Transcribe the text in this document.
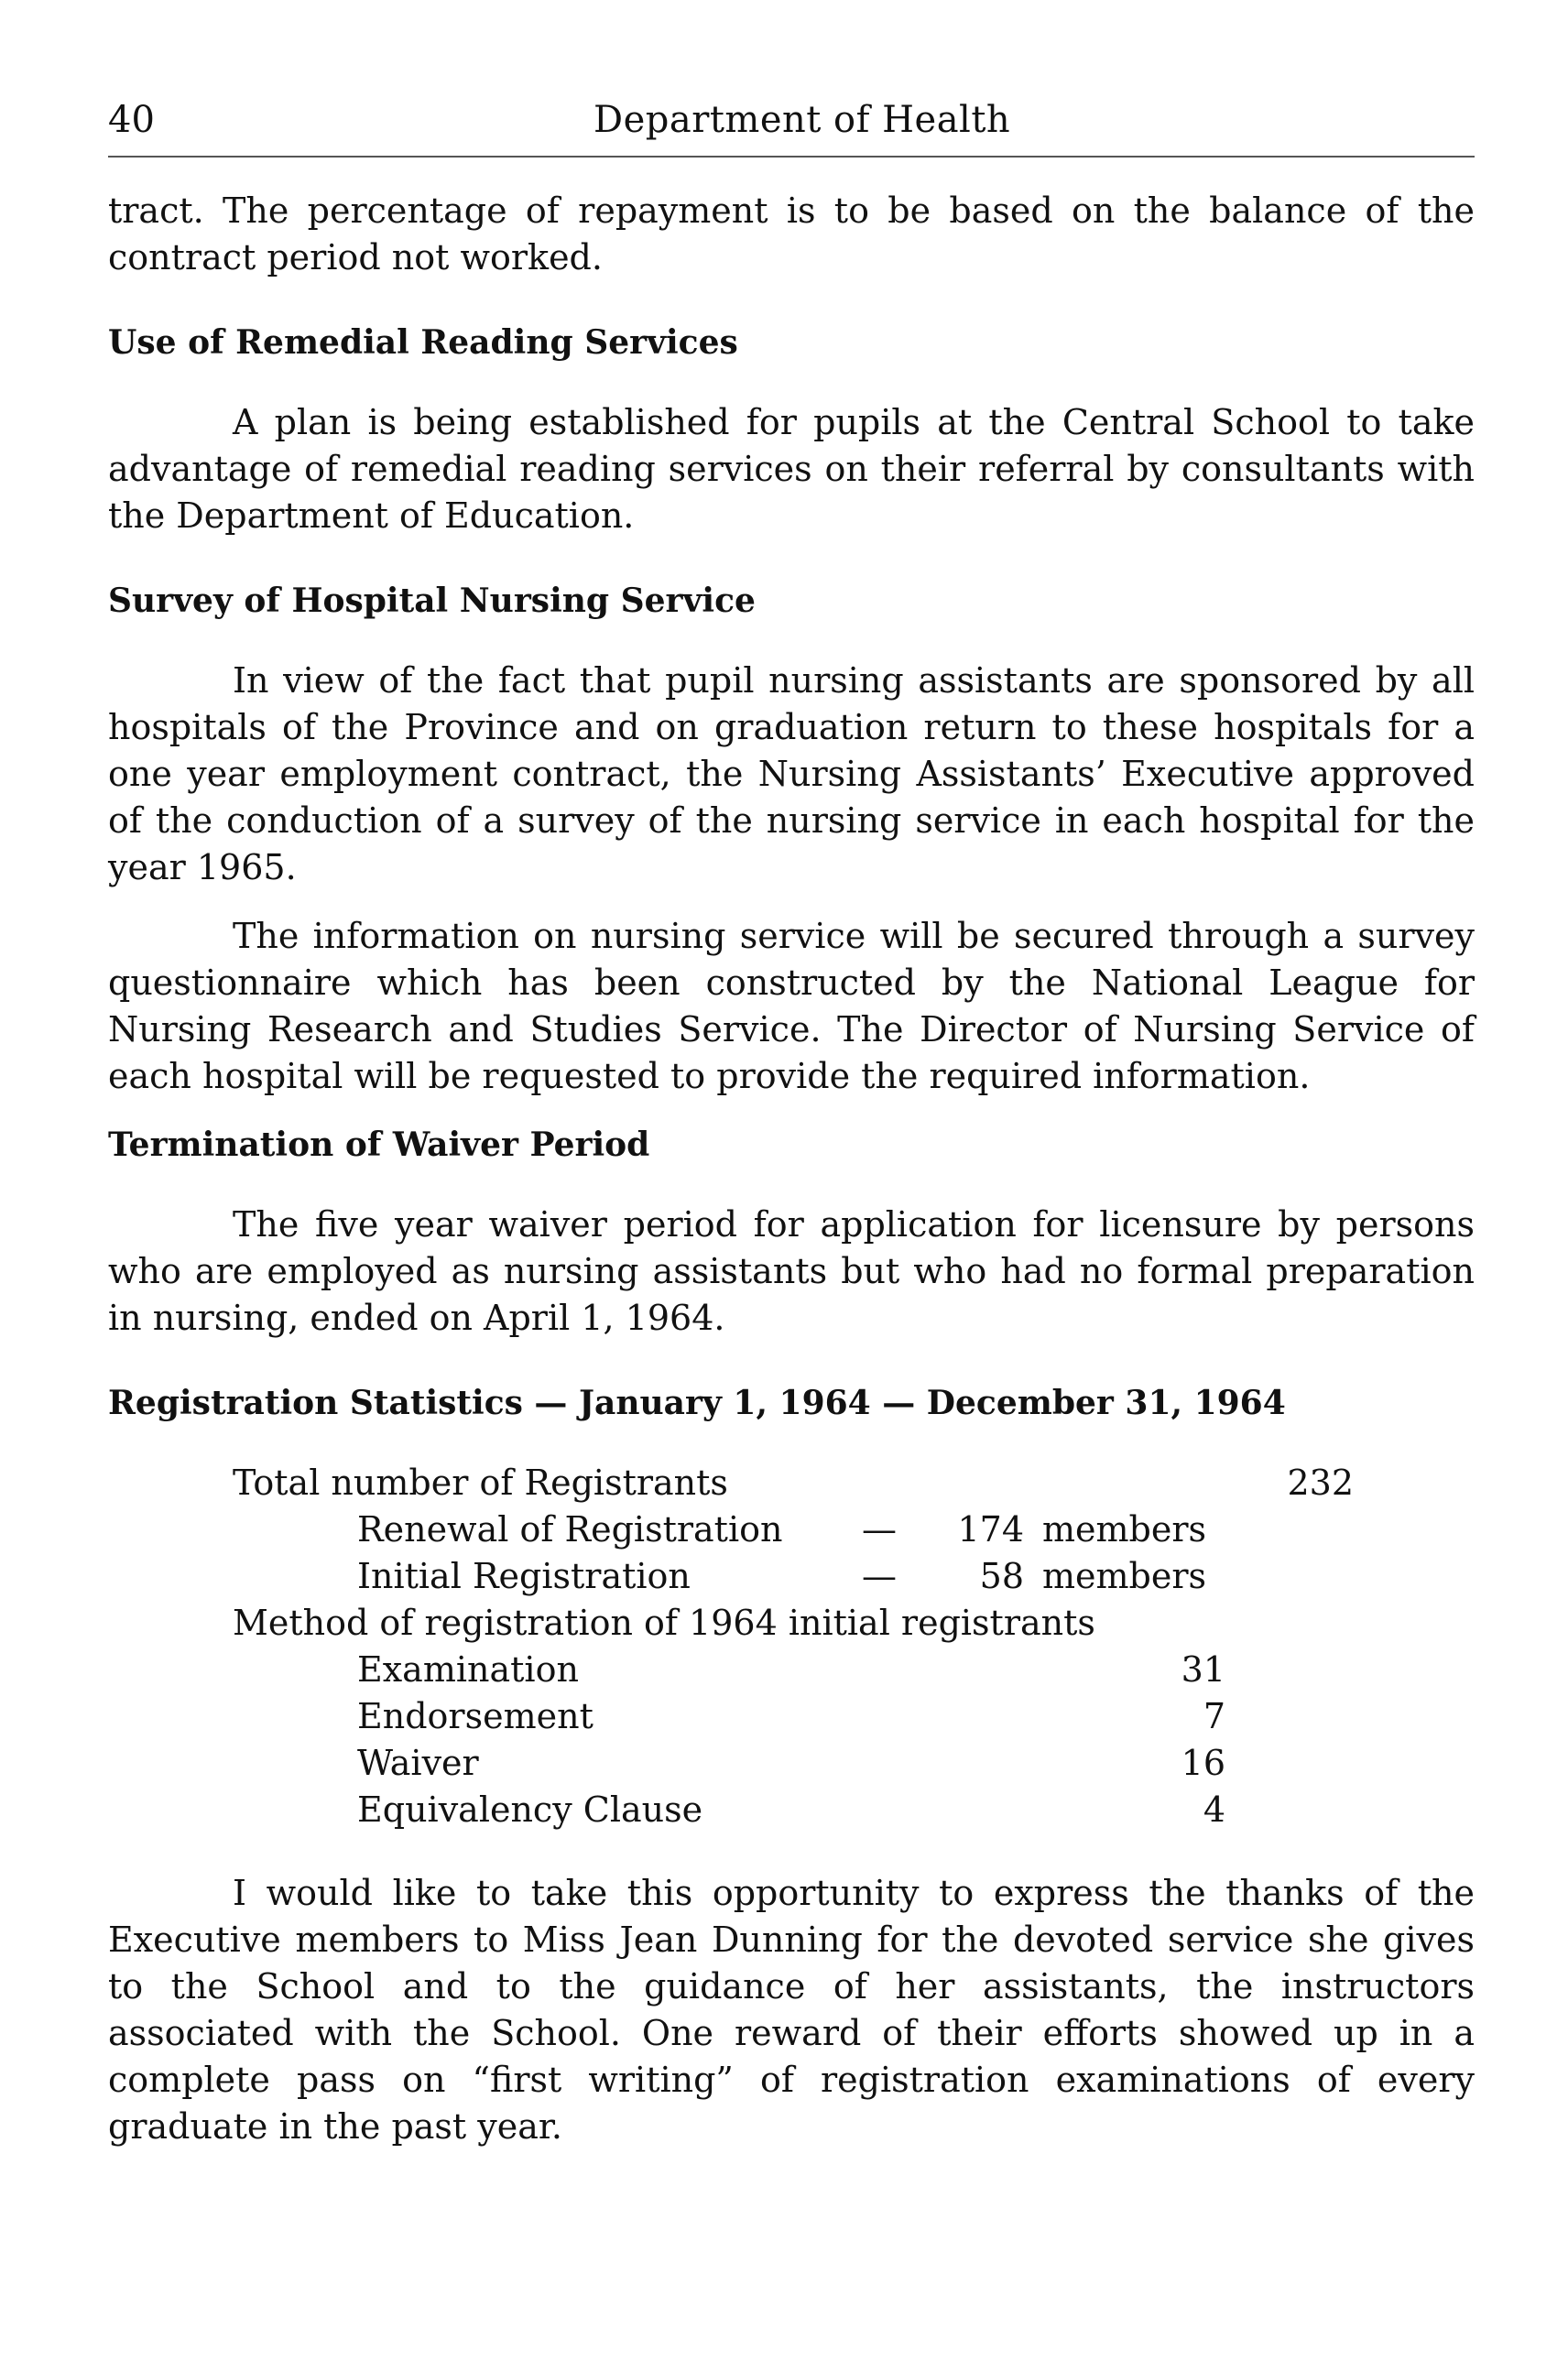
40	Department of Health

tract. The percentage of repayment is to be based on the balance of the contract period not worked.

Use of Remedial Reading Services

A plan is being established for pupils at the Central School to take advantage of remedial reading services on their referral by consultants with the Department of Education.

Survey of Hospital Nursing Service

In view of the fact that pupil nursing assistants are sponsored by all hospitals of the Province and on graduation return to these hospitals for a one year employment contract, the Nursing Assistants’ Executive approved of the conduction of a survey of the nursing service in each hospital for the year 1965.

The information on nursing service will be secured through a survey questionnaire which has been constructed by the National League for Nursing Research and Studies Service. The Director of Nursing Service of each hospital will be requested to provide the required information.

Termination of Waiver Period

The five year waiver period for application for licensure by persons who are employed as nursing assistants but who had no formal preparation in nursing, ended on April 1, 1964.

Registration Statistics — January 1, 1964 — December 31, 1964
Total number of Registrants	232
Renewal of Registration —	174 members
Initial Registration	—	58 members
Method of registration of 1964 initial registrants
Examination	31
Endorsement	7
Waiver	16
Equivalency Clause	4

I would like to take this opportunity to express the thanks of the Executive members to Miss Jean Dunning for the devoted service she gives to the School and to the guidance of her assistants, the instructors associated with the School. One reward of their efforts showed up in a complete pass on “first writing” of registration examinations of every graduate in the past year.
